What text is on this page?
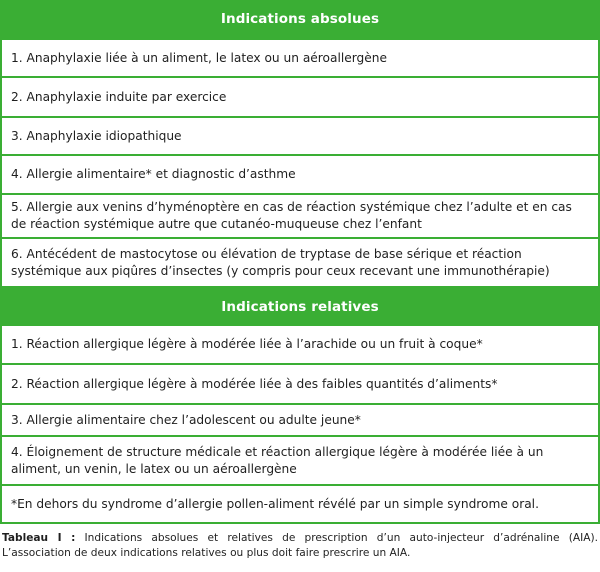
Indications absolues
1. Anaphylaxie liée à un aliment, le latex ou un aéroallergène
2. Anaphylaxie induite par exercice
3. Anaphylaxie idiopathique
4. Allergie alimentaire* et diagnostic d’asthme
5. Allergie aux venins d’hyménoptère en cas de réaction systémique chez l’adulte et en cas de réaction systémique autre que cutanéo-muqueuse chez l’enfant
6. Antécédent de mastocytose ou élévation de tryptase de base sérique et réaction systémique aux piqûres d’insectes (y compris pour ceux recevant une immunothérapie)
Indications relatives
1. Réaction allergique légère à modérée liée à l’arachide ou un fruit à coque*
2. Réaction allergique légère à modérée liée à des faibles quantités d’aliments*
3. Allergie alimentaire chez l’adolescent ou adulte jeune*
4. Éloignement de structure médicale et réaction allergique légère à modérée liée à un aliment, un venin, le latex ou un aéroallergène
*En dehors du syndrome d’allergie pollen-aliment révélé par un simple syndrome oral.
Tableau I : Indications absolues et relatives de prescription d’un auto-injecteur d’adrénaline (AIA). L’association de deux indications relatives ou plus doit faire prescrire un AIA.
